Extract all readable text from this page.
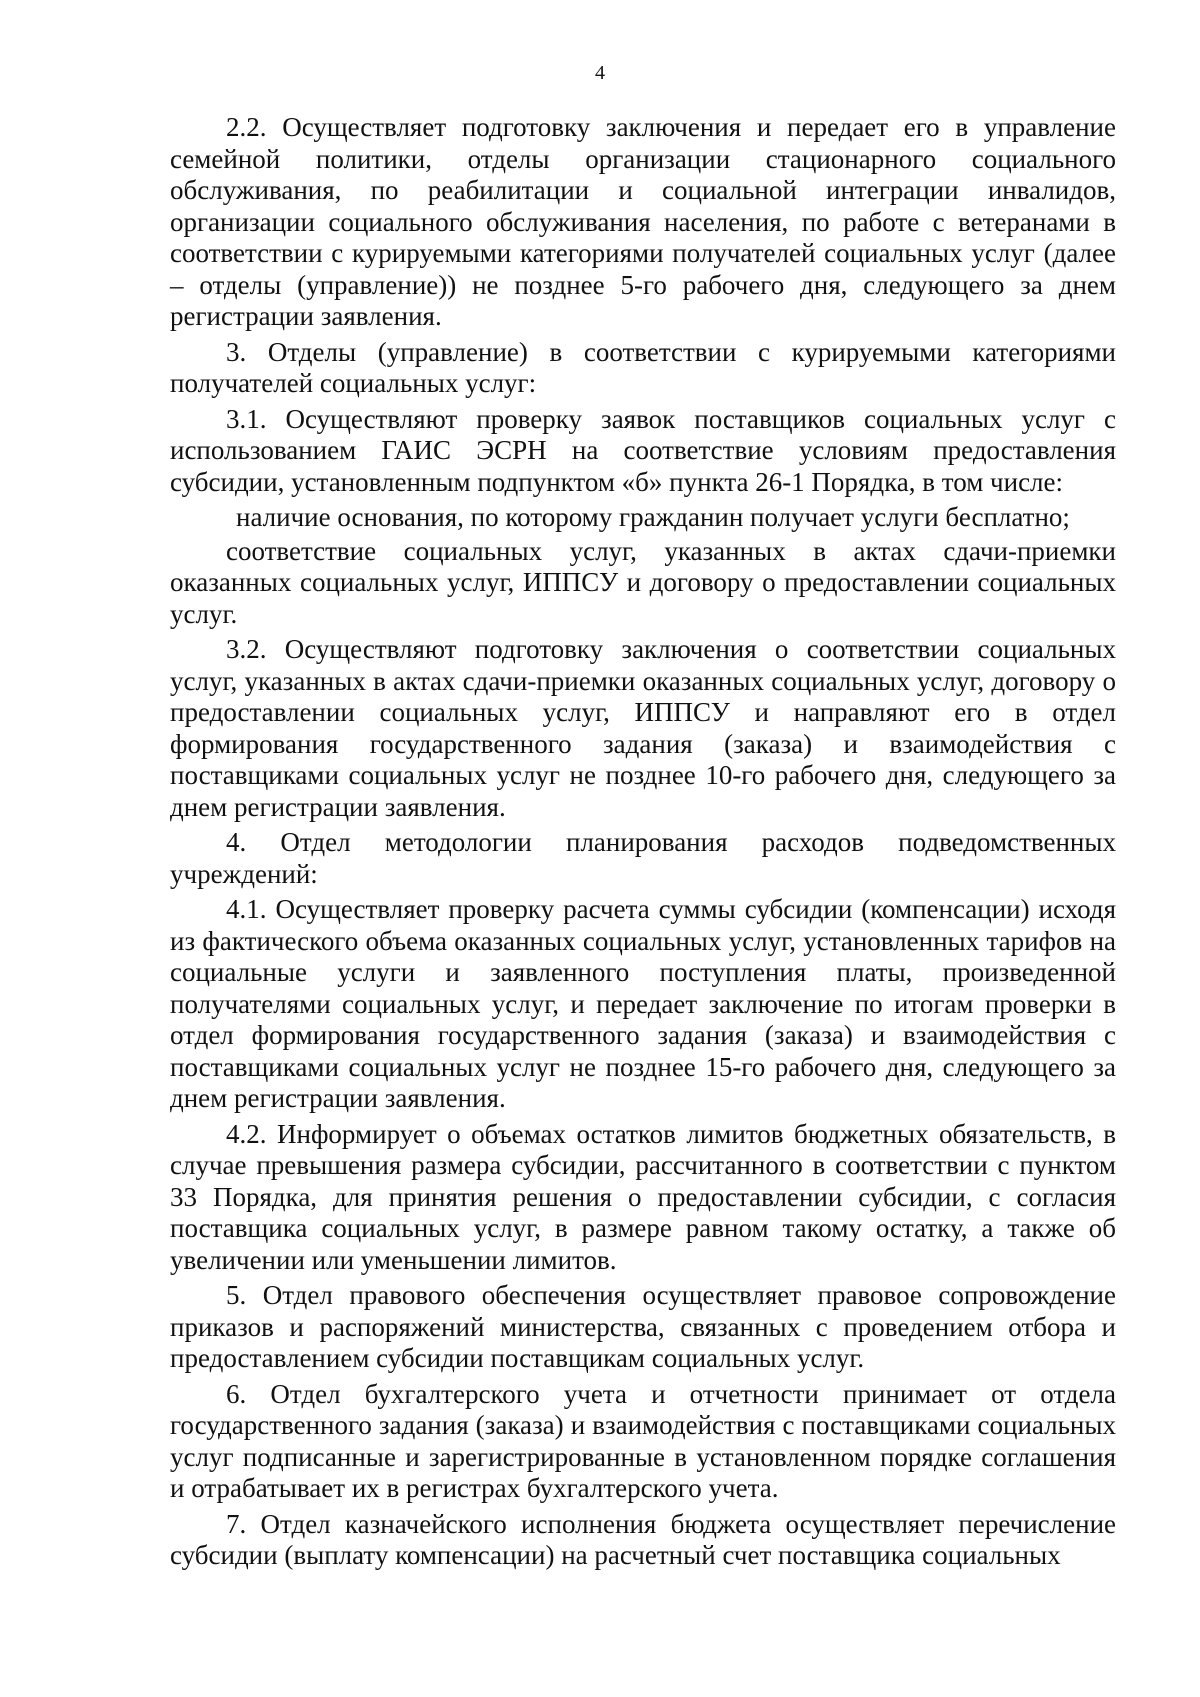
4

2.2. Осуществляет подготовку заключения и передает его в управление семейной политики, отделы организации стационарного социального обслуживания, по реабилитации и социальной интеграции инвалидов, организации социального обслуживания населения, по работе с ветеранами в соответствии с курируемыми категориями получателей социальных услуг (далее – отделы (управление)) не позднее 5-го рабочего дня, следующего за днем регистрации заявления.

3. Отделы (управление) в соответствии с курируемыми категориями получателей социальных услуг:

3.1. Осуществляют проверку заявок поставщиков социальных услуг с использованием ГАИС ЭСРН на соответствие условиям предоставления субсидии, установленным подпунктом «б» пункта 26-1 Порядка, в том числе:

наличие основания, по которому гражданин получает услуги бесплатно;

соответствие социальных услуг, указанных в актах сдачи-приемки оказанных социальных услуг, ИППСУ и договору о предоставлении социальных услуг.

3.2. Осуществляют подготовку заключения о соответствии социальных услуг, указанных в актах сдачи-приемки оказанных социальных услуг, договору о предоставлении социальных услуг, ИППСУ и направляют его в отдел формирования государственного задания (заказа) и взаимодействия с поставщиками социальных услуг не позднее 10-го рабочего дня, следующего за днем регистрации заявления.

4. Отдел методологии планирования расходов подведомственных учреждений:

4.1. Осуществляет проверку расчета суммы субсидии (компенсации) исходя из фактического объема оказанных социальных услуг, установленных тарифов на социальные услуги и заявленного поступления платы, произведенной получателями социальных услуг, и передает заключение по итогам проверки в отдел формирования государственного задания (заказа) и взаимодействия с поставщиками социальных услуг не позднее 15-го рабочего дня, следующего за днем регистрации заявления.

4.2. Информирует о объемах остатков лимитов бюджетных обязательств, в случае превышения размера субсидии, рассчитанного в соответствии с пунктом 33 Порядка, для принятия решения о предоставлении субсидии, с согласия поставщика социальных услуг, в размере равном такому остатку, а также об увеличении или уменьшении лимитов.

5. Отдел правового обеспечения осуществляет правовое сопровождение приказов и распоряжений министерства, связанных с проведением отбора и предоставлением субсидии поставщикам социальных услуг.

6. Отдел бухгалтерского учета и отчетности принимает от отдела государственного задания (заказа) и взаимодействия с поставщиками социальных услуг подписанные и зарегистрированные в установленном порядке соглашения и отрабатывает их в регистрах бухгалтерского учета.

7. Отдел казначейского исполнения бюджета осуществляет перечисление субсидии (выплату компенсации) на расчетный счет поставщика социальных
